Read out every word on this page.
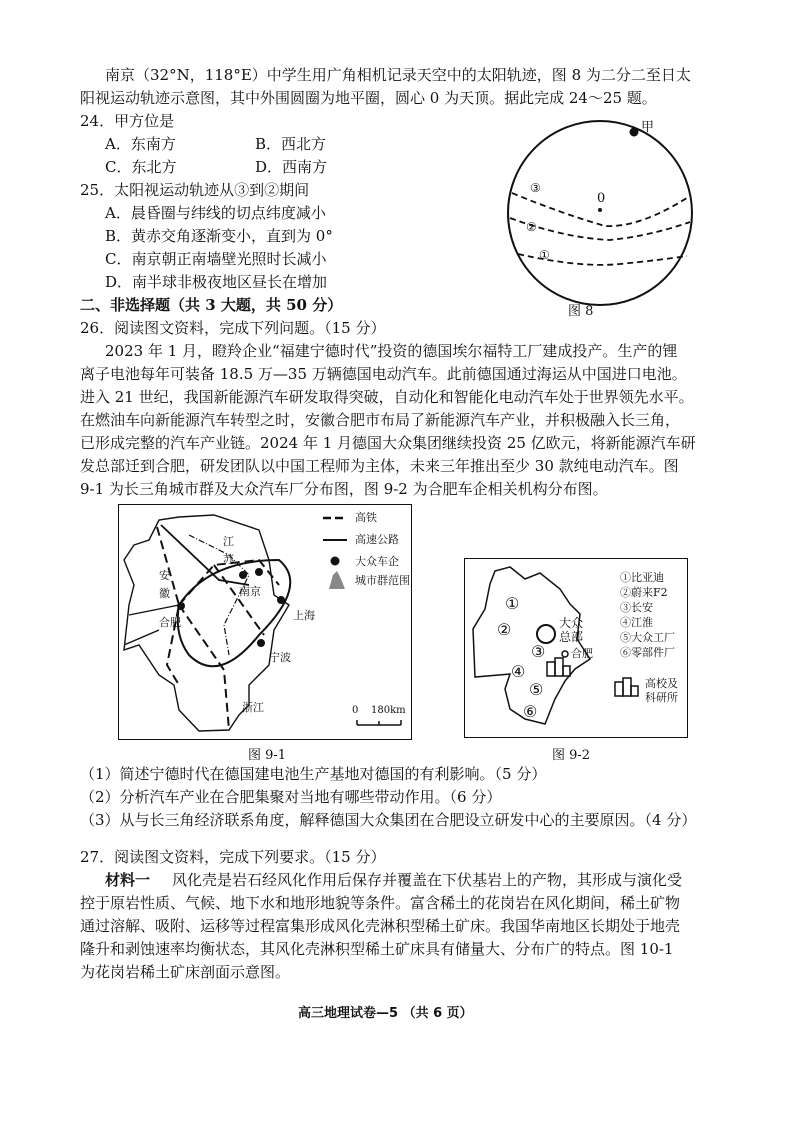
南京（32°N，118°E）中学生用广角相机记录天空中的太阳轨迹，图 8 为二分二至日太
阳视运动轨迹示意图，其中外围圆圈为地平圈，圆心 0 为天顶。据此完成 24～25 题。
24．甲方位是
A．东南方	B．西北方
C．东北方	D．西南方
25．太阳视运动轨迹从③到②期间
A．晨昏圈与纬线的切点纬度减小
B．黄赤交角逐渐变小，直到为 0°
C．南京朝正南墙壁光照时长减小
D．南半球非极夜地区昼长在增加
二、非选择题（共 3 大题，共 50 分）
26．阅读图文资料，完成下列问题。（15 分）
甲
0
③
②
①
图 8
2023 年 1 月，瞪羚企业“福建宁德时代”投资的德国埃尔福特工厂建成投产。生产的锂
离子电池每年可装备 18.5 万—35 万辆德国电动汽车。此前德国通过海运从中国进口电池。
进入 21 世纪，我国新能源汽车研发取得突破，自动化和智能化电动汽车处于世界领先水平。
在燃油车向新能源汽车转型之时，安徽合肥市布局了新能源汽车产业，并积极融入长三角，
已形成完整的汽车产业链。2024 年 1 月德国大众集团继续投资 25 亿欧元，将新能源汽车研
发总部迁到合肥，研发团队以中国工程师为主体，未来三年推出至少 30 款纯电动汽车。图
9-1 为长三角城市群及大众汽车厂分布图，图 9-2 为合肥车企相关机构分布图。
高铁
高速公路
大众车企
城市群范围
江
苏
安
徽
浙江
合肥
南京
上海
宁波
0 180km
图 9-1
①
②
③
④
⑤
⑥
大众
总部
合肥
①比亚迪
②蔚来F2
③长安
④江淮
⑤大众工厂
⑥零部件厂
高校及
科研所
图 9-2
（1）简述宁德时代在德国建电池生产基地对德国的有利影响。（5 分）
（2）分析汽车产业在合肥集聚对当地有哪些带动作用。（6 分）
（3）从与长三角经济联系角度，解释德国大众集团在合肥设立研发中心的主要原因。（4 分）
27．阅读图文资料，完成下列要求。（15 分）
材料一 风化壳是岩石经风化作用后保存并覆盖在下伏基岩上的产物，其形成与演化受
控于原岩性质、气候、地下水和地形地貌等条件。富含稀土的花岗岩在风化期间，稀土矿物
通过溶解、吸附、运移等过程富集形成风化壳淋积型稀土矿床。我国华南地区长期处于地壳
隆升和剥蚀速率均衡状态，其风化壳淋积型稀土矿床具有储量大、分布广的特点。图 10-1
为花岗岩稀土矿床剖面示意图。
高三地理试卷—5 （共 6 页）
